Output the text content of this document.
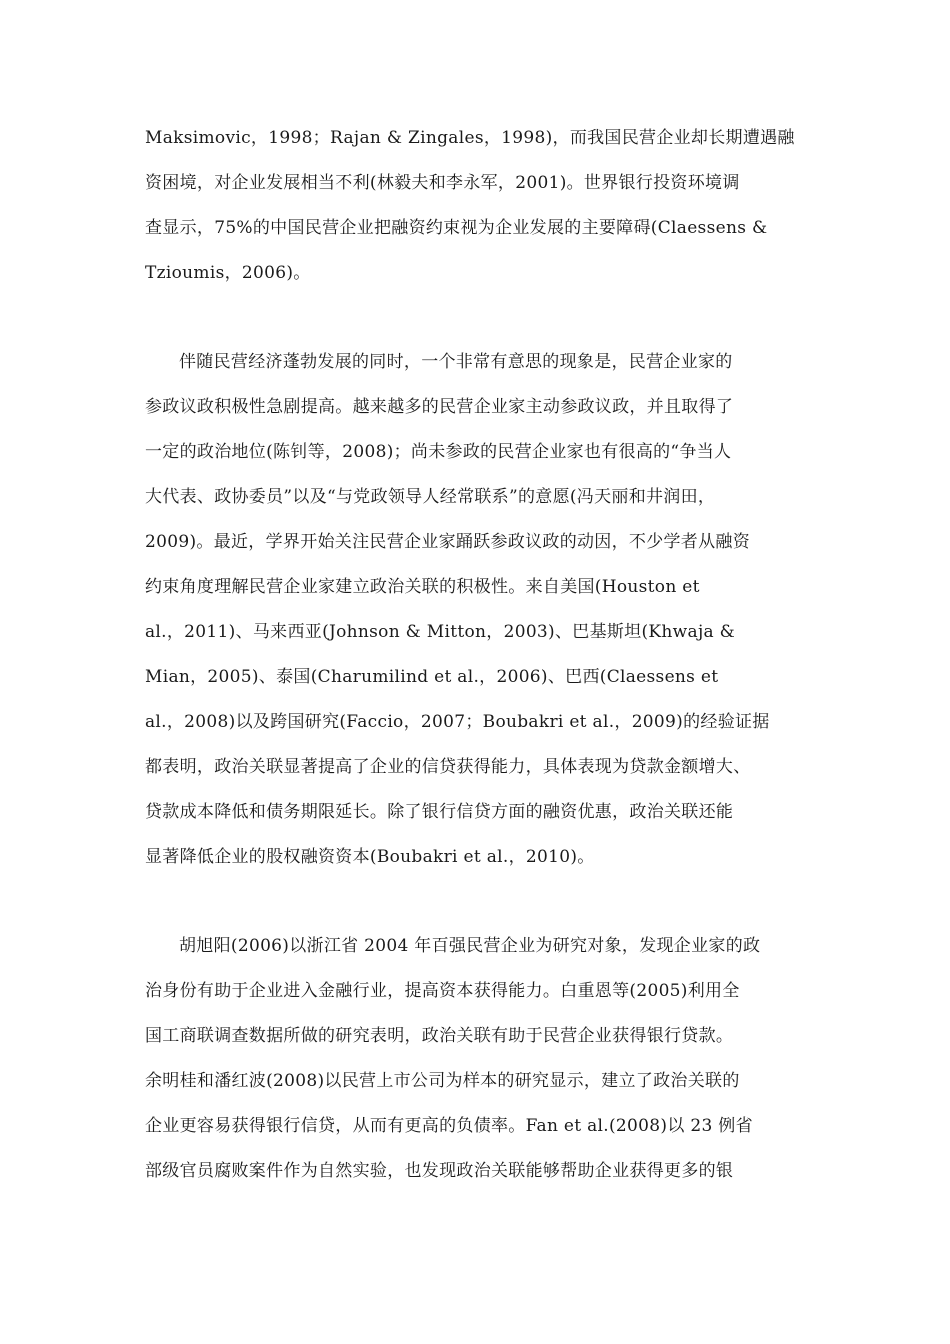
Maksimovic，1998；Rajan & Zingales，1998)，而我国民营企业却长期遭遇融
资困境，对企业发展相当不利(林毅夫和李永军，2001)。世界银行投资环境调
查显示，75%的中国民营企业把融资约束视为企业发展的主要障碍(Claessens &
Tzioumis，2006)。
伴随民营经济蓬勃发展的同时，一个非常有意思的现象是，民营企业家的
参政议政积极性急剧提高。越来越多的民营企业家主动参政议政，并且取得了
一定的政治地位(陈钊等，2008)；尚未参政的民营企业家也有很高的“争当人
大代表、政协委员”以及“与党政领导人经常联系”的意愿(冯天丽和井润田，
2009)。最近，学界开始关注民营企业家踊跃参政议政的动因，不少学者从融资
约束角度理解民营企业家建立政治关联的积极性。来自美国(Houston et
al.，2011)、马来西亚(Johnson & Mitton，2003)、巴基斯坦(Khwaja &
Mian，2005)、泰国(Charumilind et al.，2006)、巴西(Claessens et
al.，2008)以及跨国研究(Faccio，2007；Boubakri et al.，2009)的经验证据
都表明，政治关联显著提高了企业的信贷获得能力，具体表现为贷款金额增大、
贷款成本降低和债务期限延长。除了银行信贷方面的融资优惠，政治关联还能
显著降低企业的股权融资资本(Boubakri et al.，2010)。
胡旭阳(2006)以浙江省 2004 年百强民营企业为研究对象，发现企业家的政
治身份有助于企业进入金融行业，提高资本获得能力。白重恩等(2005)利用全
国工商联调查数据所做的研究表明，政治关联有助于民营企业获得银行贷款。
余明桂和潘红波(2008)以民营上市公司为样本的研究显示，建立了政治关联的
企业更容易获得银行信贷，从而有更高的负债率。Fan et al.(2008)以 23 例省
部级官员腐败案件作为自然实验，也发现政治关联能够帮助企业获得更多的银
